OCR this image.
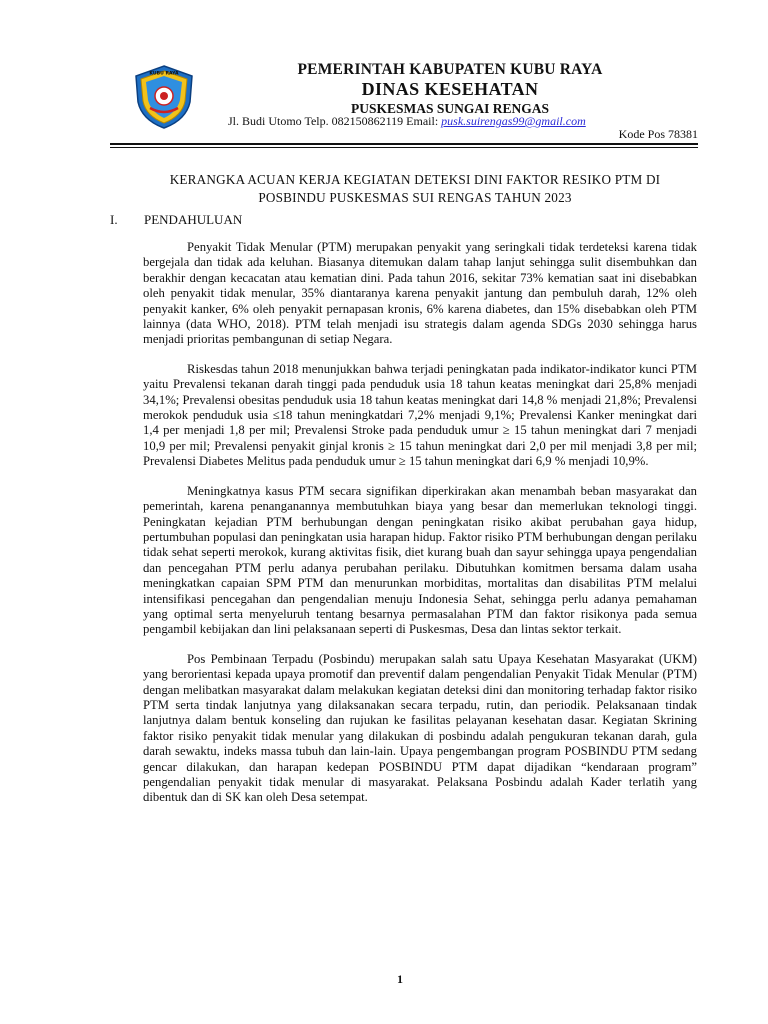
KUBU RAYA	PEMERINTAH KABUPATEN KUBU RAYA
DINAS KESEHATAN
PUSKESMAS SUNGAI RENGAS
Jl. Budi Utomo Telp. 082150862119 Email: pusk.suirengas99@gmail.com
Kode Pos 78381
KERANGKA ACUAN KERJA KEGIATAN DETEKSI DINI FAKTOR RESIKO PTM DI
POSBINDU PUSKESMAS SUI RENGAS TAHUN 2023
I. PENDAHULUAN

Penyakit Tidak Menular (PTM) merupakan penyakit yang seringkali tidak terdeteksi karena tidak bergejala dan tidak ada keluhan. Biasanya ditemukan dalam tahap lanjut sehingga sulit disembuhkan dan berakhir dengan kecacatan atau kematian dini. Pada tahun 2016, sekitar 73% kematian saat ini disebabkan oleh penyakit tidak menular, 35% diantaranya karena penyakit jantung dan pembuluh darah, 12% oleh penyakit kanker, 6% oleh penyakit pernapasan kronis, 6% karena diabetes, dan 15% disebabkan oleh PTM lainnya (data WHO, 2018). PTM telah menjadi isu strategis dalam agenda SDGs 2030 sehingga harus menjadi prioritas pembangunan di setiap Negara.

Riskesdas tahun 2018 menunjukkan bahwa terjadi peningkatan pada indikator-indikator kunci PTM yaitu Prevalensi tekanan darah tinggi pada penduduk usia 18 tahun keatas meningkat dari 25,8% menjadi 34,1%; Prevalensi obesitas penduduk usia 18 tahun keatas meningkat dari 14,8 % menjadi 21,8%; Prevalensi merokok penduduk usia ≤18 tahun meningkatdari 7,2% menjadi 9,1%; Prevalensi Kanker meningkat dari 1,4 per menjadi 1,8 per mil; Prevalensi Stroke pada penduduk umur ≥ 15 tahun meningkat dari 7 menjadi 10,9 per mil; Prevalensi penyakit ginjal kronis ≥ 15 tahun meningkat dari 2,0 per mil menjadi 3,8 per mil; Prevalensi Diabetes Melitus pada penduduk umur ≥ 15 tahun meningkat dari 6,9 % menjadi 10,9%.

Meningkatnya kasus PTM secara signifikan diperkirakan akan menambah beban masyarakat dan pemerintah, karena penanganannya membutuhkan biaya yang besar dan memerlukan teknologi tinggi. Peningkatan kejadian PTM berhubungan dengan peningkatan risiko akibat perubahan gaya hidup, pertumbuhan populasi dan peningkatan usia harapan hidup. Faktor risiko PTM berhubungan dengan perilaku tidak sehat seperti merokok, kurang aktivitas fisik, diet kurang buah dan sayur sehingga upaya pengendalian dan pencegahan PTM perlu adanya perubahan perilaku. Dibutuhkan komitmen bersama dalam usaha meningkatkan capaian SPM PTM dan menurunkan morbiditas, mortalitas dan disabilitas PTM melalui intensifikasi pencegahan dan pengendalian menuju Indonesia Sehat, sehingga perlu adanya pemahaman yang optimal serta menyeluruh tentang besarnya permasalahan PTM dan faktor risikonya pada semua pengambil kebijakan dan lini pelaksanaan seperti di Puskesmas, Desa dan lintas sektor terkait.

Pos Pembinaan Terpadu (Posbindu) merupakan salah satu Upaya Kesehatan Masyarakat (UKM) yang berorientasi kepada upaya promotif dan preventif dalam pengendalian Penyakit Tidak Menular (PTM) dengan melibatkan masyarakat dalam melakukan kegiatan deteksi dini dan monitoring terhadap faktor risiko PTM serta tindak lanjutnya yang dilaksanakan secara terpadu, rutin, dan periodik. Pelaksanaan tindak lanjutnya dalam bentuk konseling dan rujukan ke fasilitas pelayanan kesehatan dasar. Kegiatan Skrining faktor risiko penyakit tidak menular yang dilakukan di posbindu adalah pengukuran tekanan darah, gula darah sewaktu, indeks massa tubuh dan lain-lain. Upaya pengembangan program POSBINDU PTM sedang gencar dilakukan, dan harapan kedepan POSBINDU PTM dapat dijadikan “kendaraan program” pengendalian penyakit tidak menular di masyarakat. Pelaksana Posbindu adalah Kader terlatih yang dibentuk dan di SK kan oleh Desa setempat.

1
